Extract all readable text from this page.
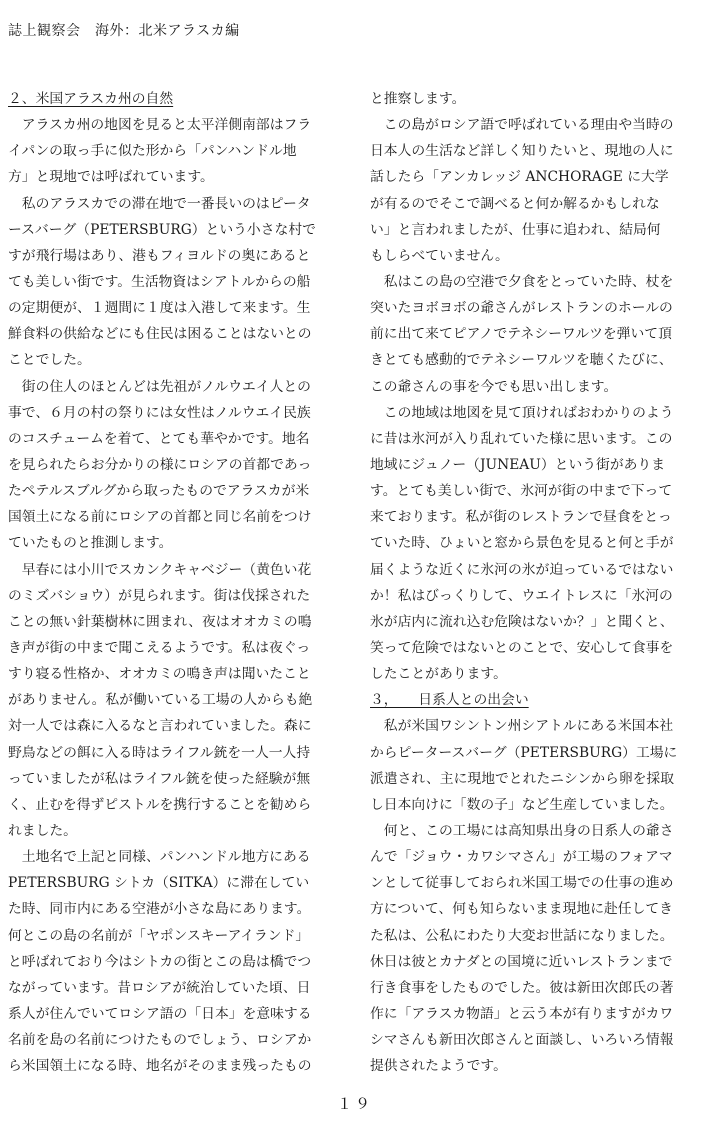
誌上観察会　海外：北米アラスカ編
２、米国アラスカ州の自然
　アラスカ州の地図を見ると太平洋側南部はフラ
イパンの取っ手に似た形から「パンハンドル地
方」と現地では呼ばれています。
　私のアラスカでの滞在地で一番長いのはピータ
ースバーグ（PETERSBURG）という小さな村で
すが飛行場はあり、港もフィヨルドの奥にあると
ても美しい街です。生活物資はシアトルからの船
の定期便が、１週間に１度は入港して来ます。生
鮮食料の供給などにも住民は困ることはないとの
ことでした。
　街の住人のほとんどは先祖がノルウエイ人との
事で、６月の村の祭りには女性はノルウエイ民族
のコスチュームを着て、とても華やかです。地名
を見られたらお分かりの様にロシアの首都であっ
たペテルスブルグから取ったものでアラスカが米
国領土になる前にロシアの首都と同じ名前をつけ
ていたものと推測します。
　早春には小川でスカンクキャベジー（黄色い花
のミズバショウ）が見られます。街は伐採された
ことの無い針葉樹林に囲まれ、夜はオオカミの鳴
き声が街の中まで聞こえるようです。私は夜ぐっ
すり寝る性格か、オオカミの鳴き声は聞いたこと
がありません。私が働いている工場の人からも絶
対一人では森に入るなと言われていました。森に
野鳥などの餌に入る時はライフル銃を一人一人持
っていましたが私はライフル銃を使った経験が無
く、止むを得ずピストルを携行することを勧めら
れました。
　土地名で上記と同様、パンハンドル地方にある
PETERSBURG シトカ（SITKA）に滞在してい
た時、同市内にある空港が小さな島にあります。
何とこの島の名前が「ヤポンスキーアイランド」
と呼ばれており今はシトカの街とこの島は橋でつ
ながっています。昔ロシアが統治していた頃、日
系人が住んでいてロシア語の「日本」を意味する
名前を島の名前につけたものでしょう、ロシアか
ら米国領土になる時、地名がそのまま残ったもの
と推察します。
　この島がロシア語で呼ばれている理由や当時の
日本人の生活など詳しく知りたいと、現地の人に
話したら「アンカレッジ ANCHORAGE に大学
が有るのでそこで調べると何か解るかもしれな
い」と言われましたが、仕事に追われ、結局何
もしらべていません。
　私はこの島の空港で夕食をとっていた時、杖を
突いたヨボヨボの爺さんがレストランのホールの
前に出て来てピアノでテネシーワルツを弾いて頂
きとても感動的でテネシーワルツを聴くたびに、
この爺さんの事を今でも思い出します。
　この地域は地図を見て頂ければおわかりのよう
に昔は氷河が入り乱れていた様に思います。この
地域にジュノー（JUNEAU）という街がありま
す。とても美しい街で、氷河が街の中まで下って
来ております。私が街のレストランで昼食をとっ
ていた時、ひょいと窓から景色を見ると何と手が
届くような近くに氷河の氷が迫っているではない
か！私はびっくりして、ウエイトレスに「氷河の
氷が店内に流れ込む危険はないか？」と聞くと、
笑って危険ではないとのことで、安心して食事を
したことがあります。
３，　　日系人との出会い
　私が米国ワシントン州シアトルにある米国本社
からピータースバーグ（PETERSBURG）工場に
派遣され、主に現地でとれたニシンから卵を採取
し日本向けに「数の子」など生産していました。
　何と、この工場には高知県出身の日系人の爺さ
んで「ジョウ・カワシマさん」が工場のフォアマ
ンとして従事しておられ米国工場での仕事の進め
方について、何も知らないまま現地に赴任してき
た私は、公私にわたり大変お世話になりました。
休日は彼とカナダとの国境に近いレストランまで
行き食事をしたものでした。彼は新田次郎氏の著
作に「アラスカ物語」と云う本が有りますがカワ
シマさんも新田次郎さんと面談し、いろいろ情報
提供されたようです。
１９
